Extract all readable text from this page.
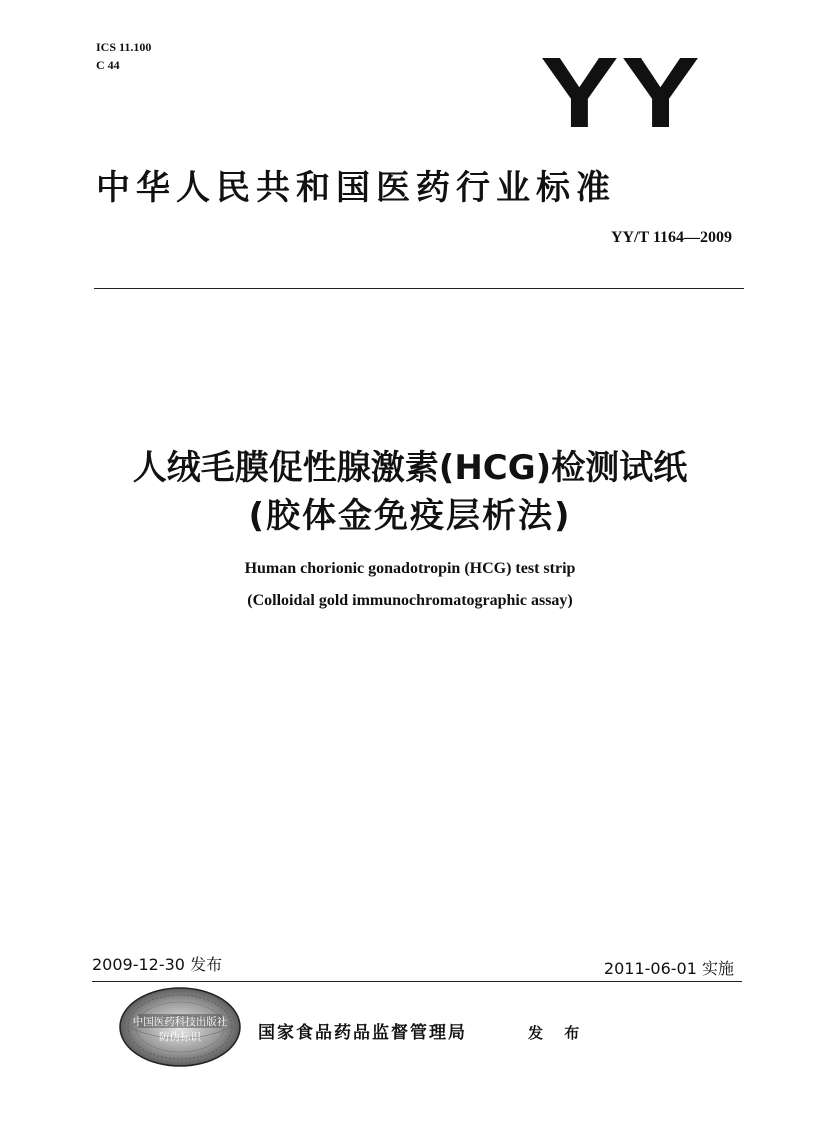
ICS 11.100
C 44	YY
中华人民共和国医药行业标准
YY/T 1164—2009
人绒毛膜促性腺激素(HCG)检测试纸
(胶体金免疫层析法)
Human chorionic gonadotropin (HCG) test strip
(Colloidal gold immunochromatographic assay)
2009-12-30 发布	2011-06-01 实施
中国医药科技出版社
防伪标识	国家食品药品监督管理局	发 布
